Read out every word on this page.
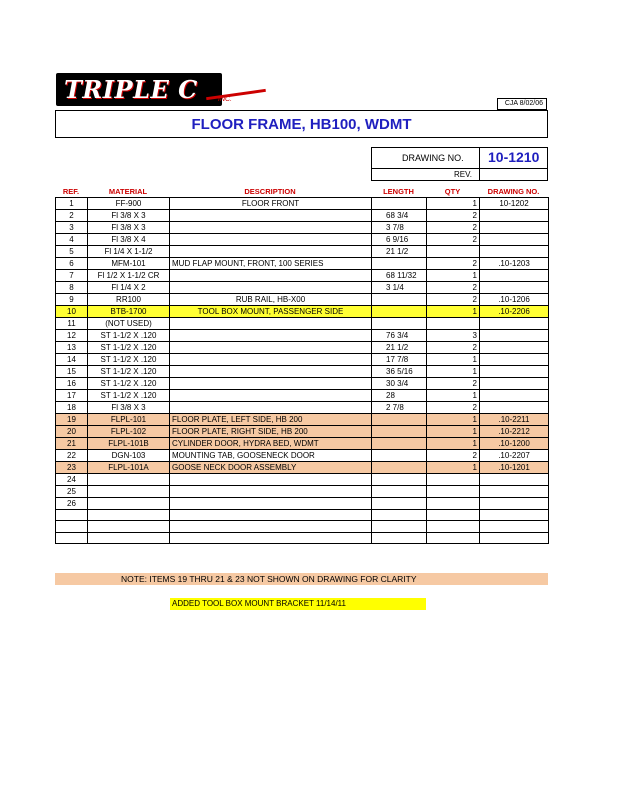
TRIPLE C	INC.
CJA 8/02/06
FLOOR FRAME, HB100, WDMT
DRAWING NO. 10-1210
REV.
REF.	MATERIAL	DESCRIPTION	LENGTH	QTY	DRAWING NO.
1	FF-900	FLOOR FRONT		1	10-1202
2	Fl 3/8 X 3		68 3/4	2	
3	Fl 3/8 X 3		3 7/8	2	
4	Fl 3/8 X 4		6 9/16	2	
5	Fl 1/4 X 1-1/2		21 1/2		
6	MFM-101	MUD FLAP MOUNT, FRONT, 100 SERIES		2	.10-1203
7	Fl 1/2 X 1-1/2 CR		68 11/32	1	
8	Fl 1/4 X 2		3 1/4	2	
9	RR100	RUB RAIL, HB-X00		2	.10-1206
10	BTB-1700	TOOL BOX MOUNT, PASSENGER SIDE		1	.10-2206
11	(NOT USED)				
12	ST 1-1/2 X .120		76 3/4	3	
13	ST 1-1/2 X .120		21 1/2	2	
14	ST 1-1/2 X .120		17 7/8	1	
15	ST 1-1/2 X .120		36 5/16	1	
16	ST 1-1/2 X .120		30 3/4	2	
17	ST 1-1/2 X .120		28	1	
18	Fl 3/8 X 3		2 7/8	2	
19	FLPL-101	FLOOR PLATE, LEFT SIDE, HB 200		1	.10-2211
20	FLPL-102	FLOOR PLATE, RIGHT SIDE, HB 200		1	.10-2212
21	FLPL-101B	CYLINDER DOOR, HYDRA BED, WDMT		1	.10-1200
22	DGN-103	MOUNTING TAB, GOOSENECK DOOR		2	.10-2207
23	FLPL-101A	GOOSE NECK DOOR ASSEMBLY		1	.10-1201
24					
25					
26					

NOTE: ITEMS 19 THRU 21 & 23 NOT SHOWN ON DRAWING FOR CLARITY
ADDED TOOL BOX MOUNT BRACKET 11/14/11
